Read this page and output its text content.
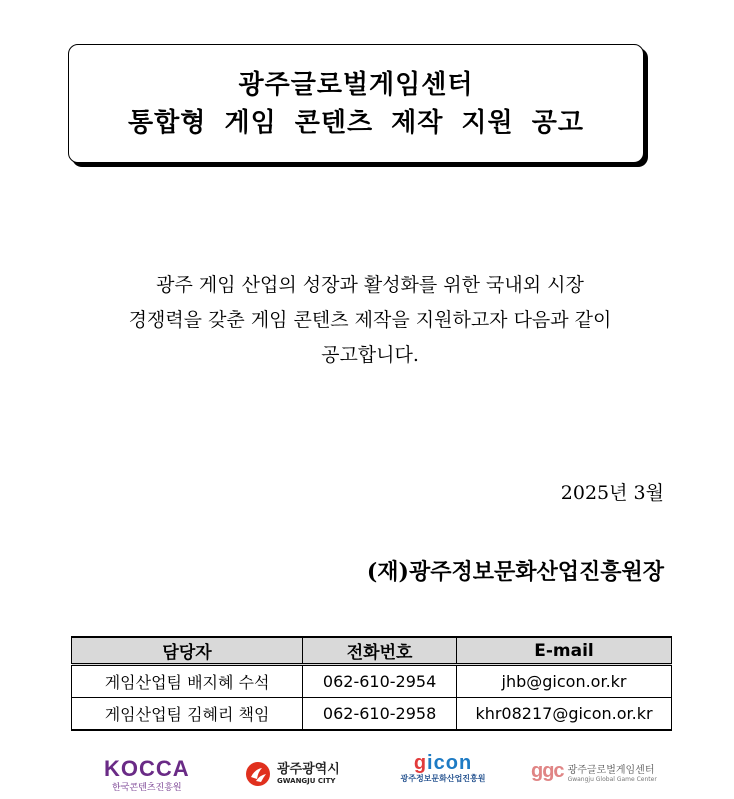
광주글로벌게임센터
통합형 게임 콘텐츠 제작 지원 공고
광주 게임 산업의 성장과 활성화를 위한 국내외 시장
경쟁력을 갖춘 게임 콘텐츠 제작을 지원하고자 다음과 같이
공고합니다.
2025년 3월
(재)광주정보문화산업진흥원장
담당자	전화번호	E-mail
게임산업팀 배지혜 수석	062-610-2954	jhb@gicon.or.kr
게임산업팀 김혜리 책임	062-610-2958	khr08217@gicon.or.kr
KOCCA
한국콘텐츠진흥원
광주광역시
GWANGJU CITY
gicon
광주정보문화산업진흥원	ggc 광주글로벌게임센터
Gwangju Global Game Center
